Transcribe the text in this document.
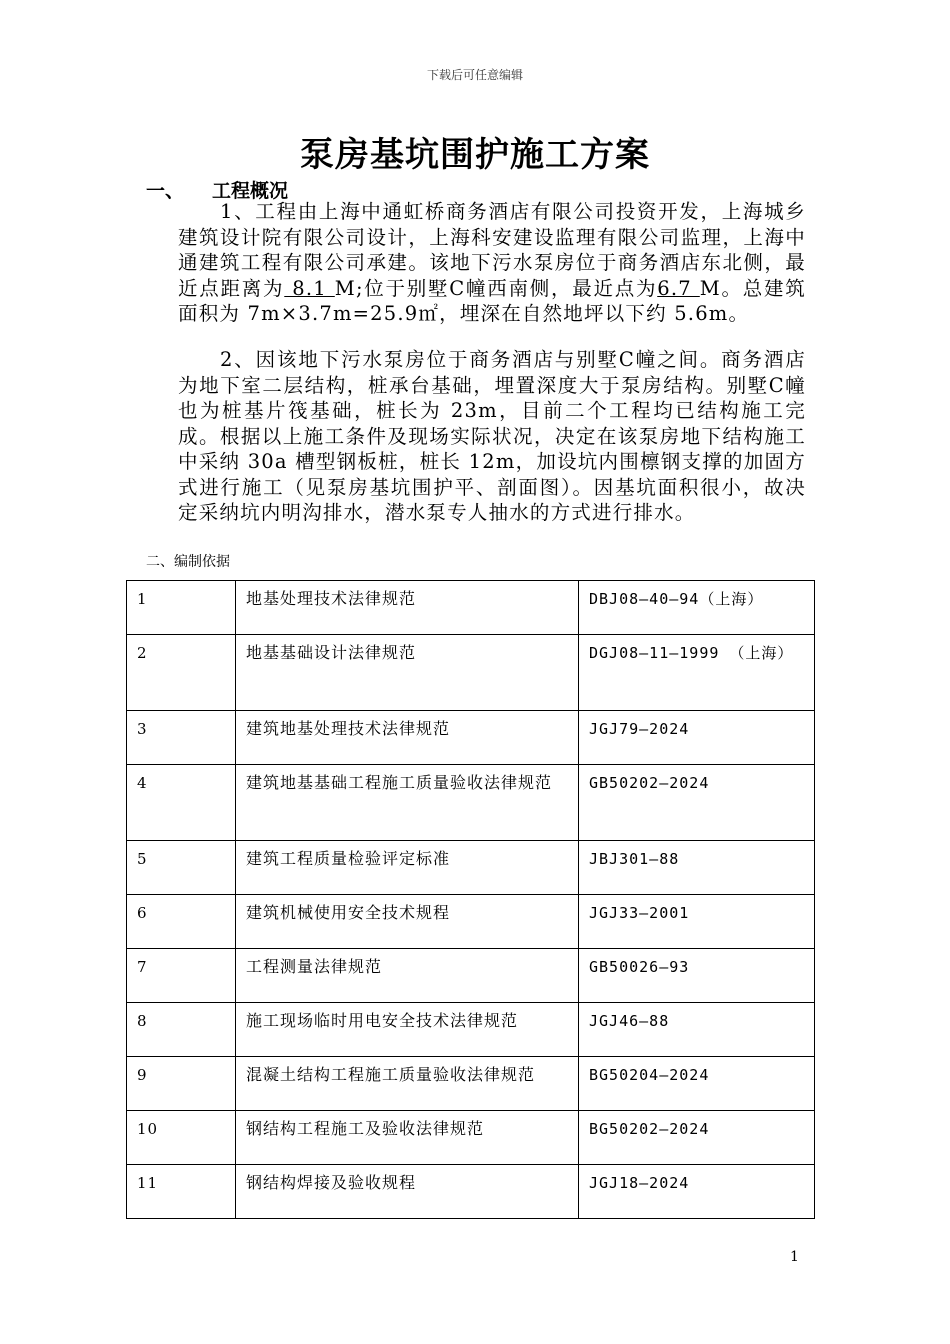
下载后可任意编辑
泵房基坑围护施工方案
一、 工程概况
1、工程由上海中通虹桥商务酒店有限公司投资开发，上海城乡建筑设计院有限公司设计，上海科安建设监理有限公司监理，上海中通建筑工程有限公司承建。该地下污水泵房位于商务酒店东北侧，最近点距离为 8.1 M;位于别墅C幢西南侧，最近点为6.7 M。总建筑面积为 7m×3.7m=25.9㎡，埋深在自然地坪以下约 5.6m。
2、因该地下污水泵房位于商务酒店与别墅C幢之间。商务酒店为地下室二层结构，桩承台基础，埋置深度大于泵房结构。别墅C幢也为桩基片筏基础，桩长为 23m，目前二个工程均已结构施工完成。根据以上施工条件及现场实际状况，决定在该泵房地下结构施工中采纳 30a 槽型钢板桩，桩长 12m，加设坑内围檩钢支撑的加固方式进行施工（见泵房基坑围护平、剖面图）。因基坑面积很小，故决定采纳坑内明沟排水，潜水泵专人抽水的方式进行排水。
二、编制依据
1	地基处理技术法律规范	DBJ08—40—94（上海）
2	地基基础设计法律规范	DGJ08—11—1999 （上海）
3	建筑地基处理技术法律规范	JGJ79—2024
4	建筑地基基础工程施工质量验收法律规范	GB50202—2024
5	建筑工程质量检验评定标准	JBJ301—88
6	建筑机械使用安全技术规程	JGJ33—2001
7	工程测量法律规范	GB50026—93
8	施工现场临时用电安全技术法律规范	JGJ46—88
9	混凝土结构工程施工质量验收法律规范	BG50204—2024
10	钢结构工程施工及验收法律规范	BG50202—2024
11	钢结构焊接及验收规程	JGJ18—2024
1
